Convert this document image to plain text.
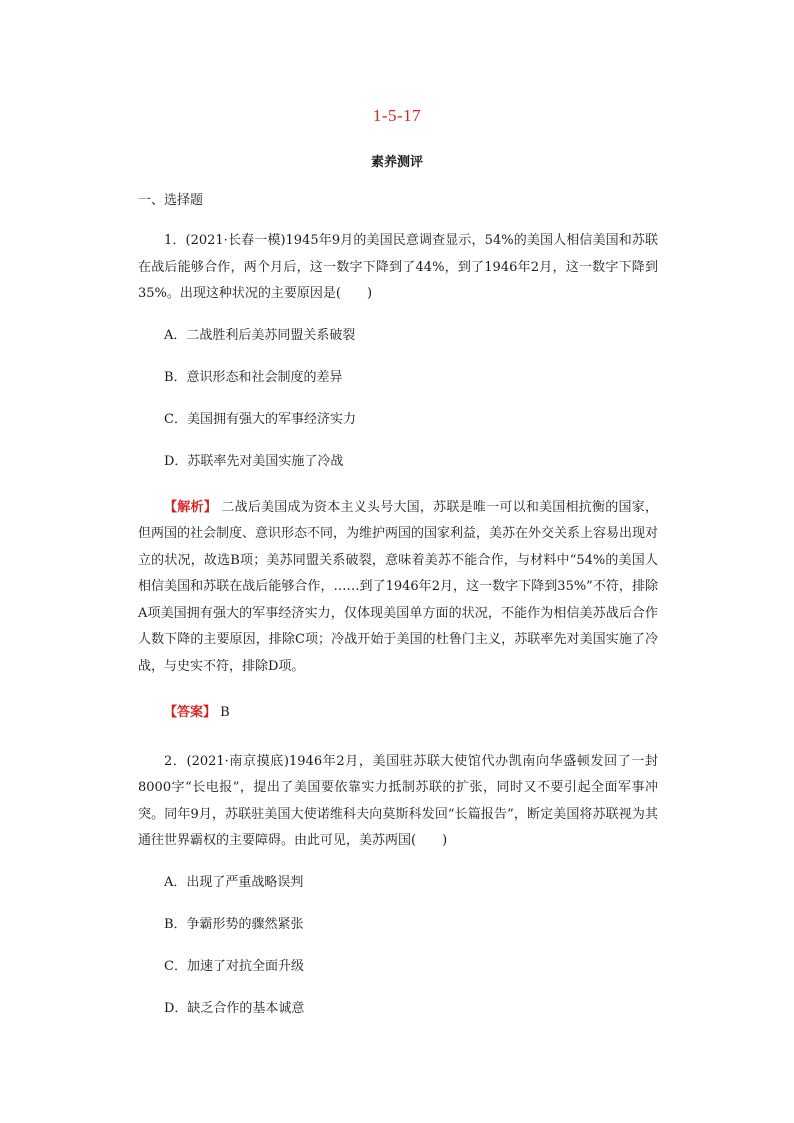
1-5-17
素养测评

一、选择题

1．(2021·长春一模)1945年9月的美国民意调查显示，54%的美国人相信美国和苏联在战后能够合作，两个月后，这一数字下降到了44%，到了1946年2月，这一数字下降到35%。出现这种状况的主要原因是(　　)

A．二战胜利后美苏同盟关系破裂

B．意识形态和社会制度的差异

C．美国拥有强大的军事经济实力

D．苏联率先对美国实施了冷战

【解析】 二战后美国成为资本主义头号大国，苏联是唯一可以和美国相抗衡的国家，但两国的社会制度、意识形态不同，为维护两国的国家利益，美苏在外交关系上容易出现对立的状况，故选B项；美苏同盟关系破裂，意味着美苏不能合作，与材料中“54%的美国人相信美国和苏联在战后能够合作，……到了1946年2月，这一数字下降到35%”不符，排除A项美国拥有强大的军事经济实力，仅体现美国单方面的状况，不能作为相信美苏战后合作人数下降的主要原因，排除C项；冷战开始于美国的杜鲁门主义，苏联率先对美国实施了冷战，与史实不符，排除D项。

【答案】 B

2．(2021·南京摸底)1946年2月，美国驻苏联大使馆代办凯南向华盛顿发回了一封8000字“长电报”，提出了美国要依靠实力抵制苏联的扩张，同时又不要引起全面军事冲突。同年9月，苏联驻美国大使诺维科夫向莫斯科发回“长篇报告”，断定美国将苏联视为其通往世界霸权的主要障碍。由此可见，美苏两国(　　)

A．出现了严重战略误判

B．争霸形势的骤然紧张

C．加速了对抗全面升级

D．缺乏合作的基本诚意
